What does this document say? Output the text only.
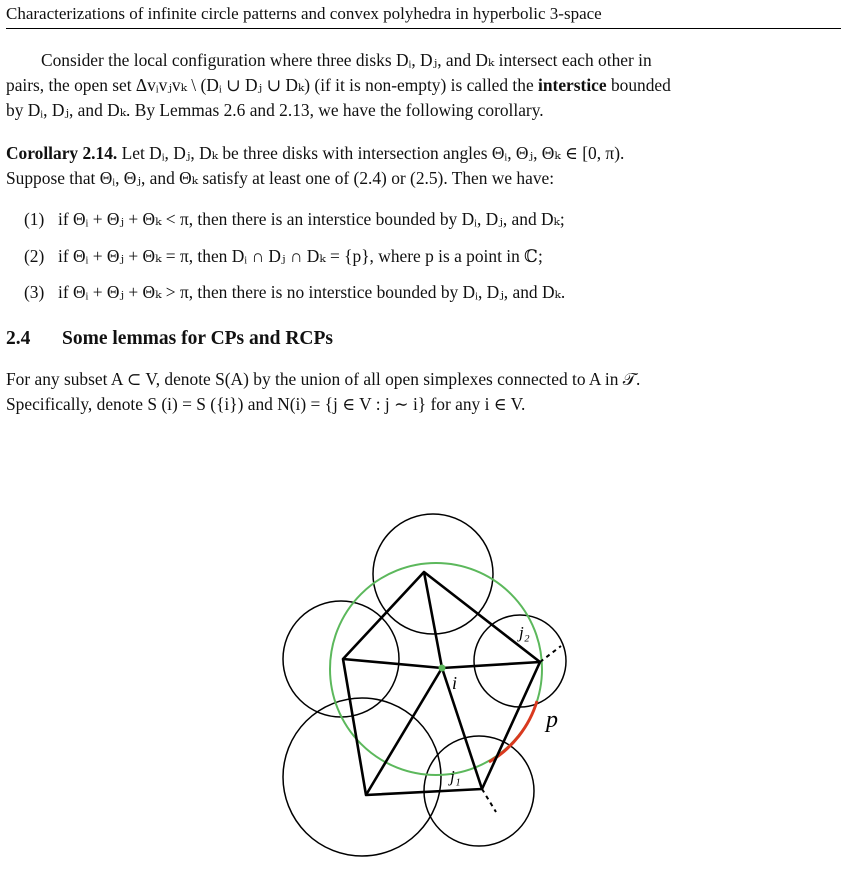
Characterizations of infinite circle patterns and convex polyhedra in hyperbolic 3-space

Consider the local configuration where three disks Dᵢ, Dⱼ, and Dₖ intersect each other in

pairs, the open set Δvᵢvⱼvₖ \ (Dᵢ ∪ Dⱼ ∪ Dₖ) (if it is non-empty) is called the interstice bounded

by Dᵢ, Dⱼ, and Dₖ. By Lemmas 2.6 and 2.13, we have the following corollary.

Corollary 2.14. Let Dᵢ, Dⱼ, Dₖ be three disks with intersection angles Θᵢ, Θⱼ, Θₖ ∈ [0, π).

Suppose that Θᵢ, Θⱼ, and Θₖ satisfy at least one of (2.4) or (2.5). Then we have:

(1) if Θᵢ + Θⱼ + Θₖ < π, then there is an interstice bounded by Dᵢ, Dⱼ, and Dₖ;
(2) if Θᵢ + Θⱼ + Θₖ = π, then Dᵢ ∩ Dⱼ ∩ Dₖ = {p}, where p is a point in ℂ;
(3) if Θᵢ + Θⱼ + Θₖ > π, then there is no interstice bounded by Dᵢ, Dⱼ, and Dₖ.
2.4 Some lemmas for CPs and RCPs

For any subset A ⊂ V, denote S(A) by the union of all open simplexes connected to A in 𝒯.

Specifically, denote S (i) = S ({i}) and N(i) = {j ∈ V : j ∼ i} for any i ∈ V.

i
j₁
j₂
p
